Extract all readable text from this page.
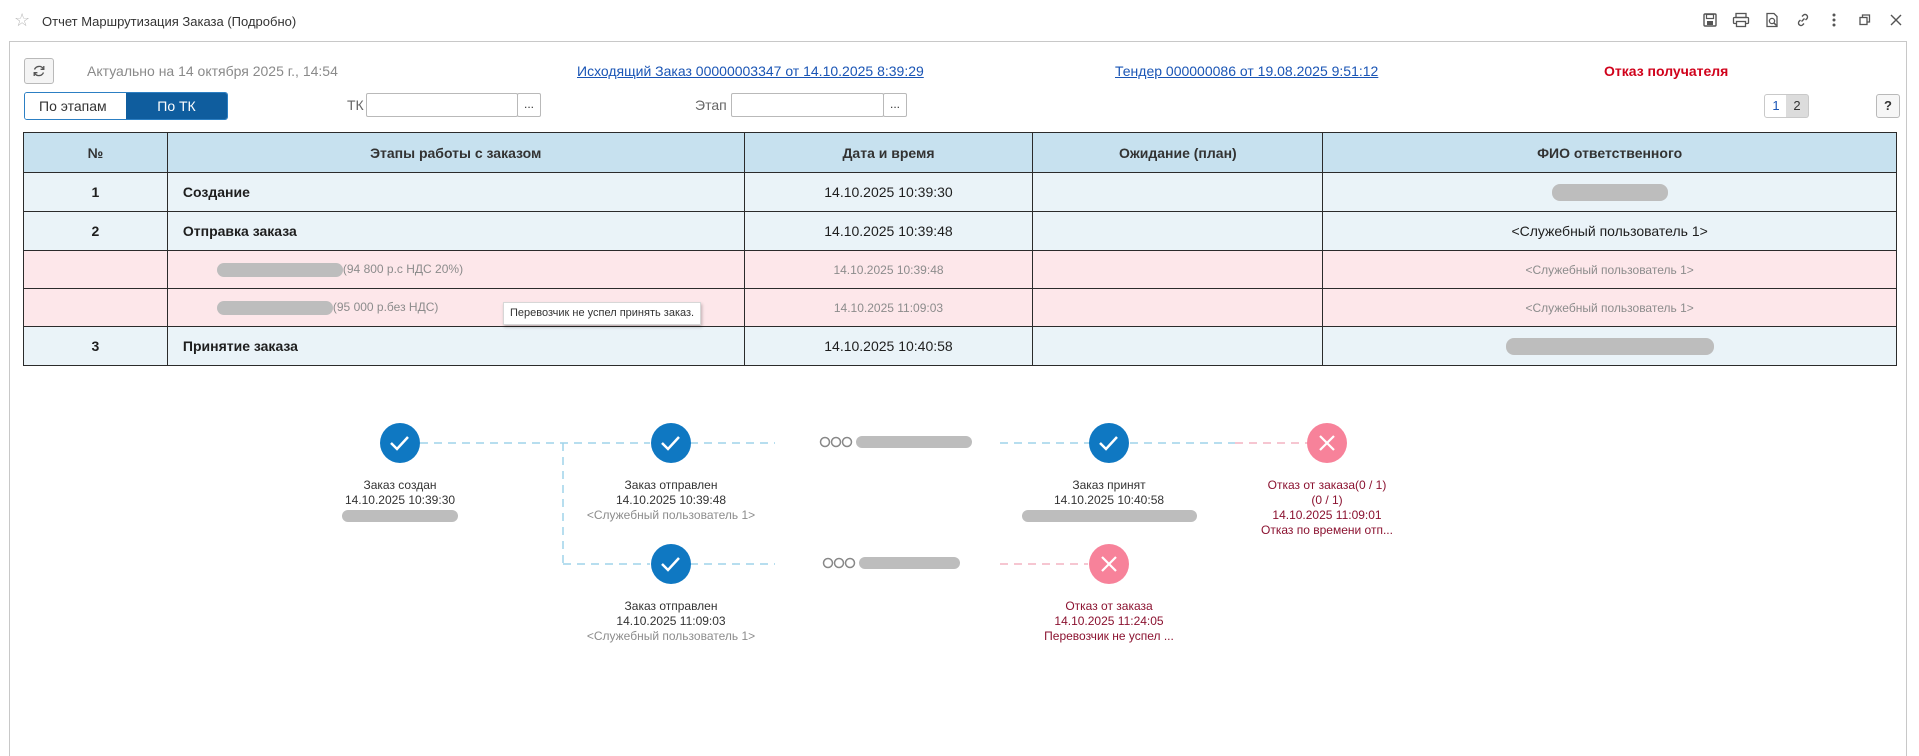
☆ Отчет Маршрутизация Заказа (Подробно)
Актуально на 14 октября 2025 г., 14:54	Исходящий Заказ 00000003347 от 14.10.2025 8:39:29	Тендер 000000086 от 19.08.2025 9:51:12	Отказ получателя
По этапам	По ТК	ТК	...	Этап	...	1	2	?
№	Этапы работы с заказом	Дата и время	Ожидание (план)	ФИО ответственного
1	Создание	14.10.2025 10:39:30		
2	Отправка заказа	14.10.2025 10:39:48		<Служебный пользователь 1>
	(94 800 р.с НДС 20%)	14.10.2025 10:39:48		<Служебный пользователь 1>
	(95 000 р.без НДС)	14.10.2025 11:09:03		<Служебный пользователь 1>
3	Принятие заказа	14.10.2025 10:40:58		
Перевозчик не успел принять заказ.
Заказ создан
14.10.2025 10:39:30
Заказ отправлен
14.10.2025 10:39:48
<Служебный пользователь 1>
Заказ принят
14.10.2025 10:40:58
Отказ от заказа(0 / 1)
(0 / 1)
14.10.2025 11:09:01
Отказ по времени отп...
Заказ отправлен
14.10.2025 11:09:03
<Служебный пользователь 1>
Отказ от заказа
14.10.2025 11:24:05
Перевозчик не успел ...
